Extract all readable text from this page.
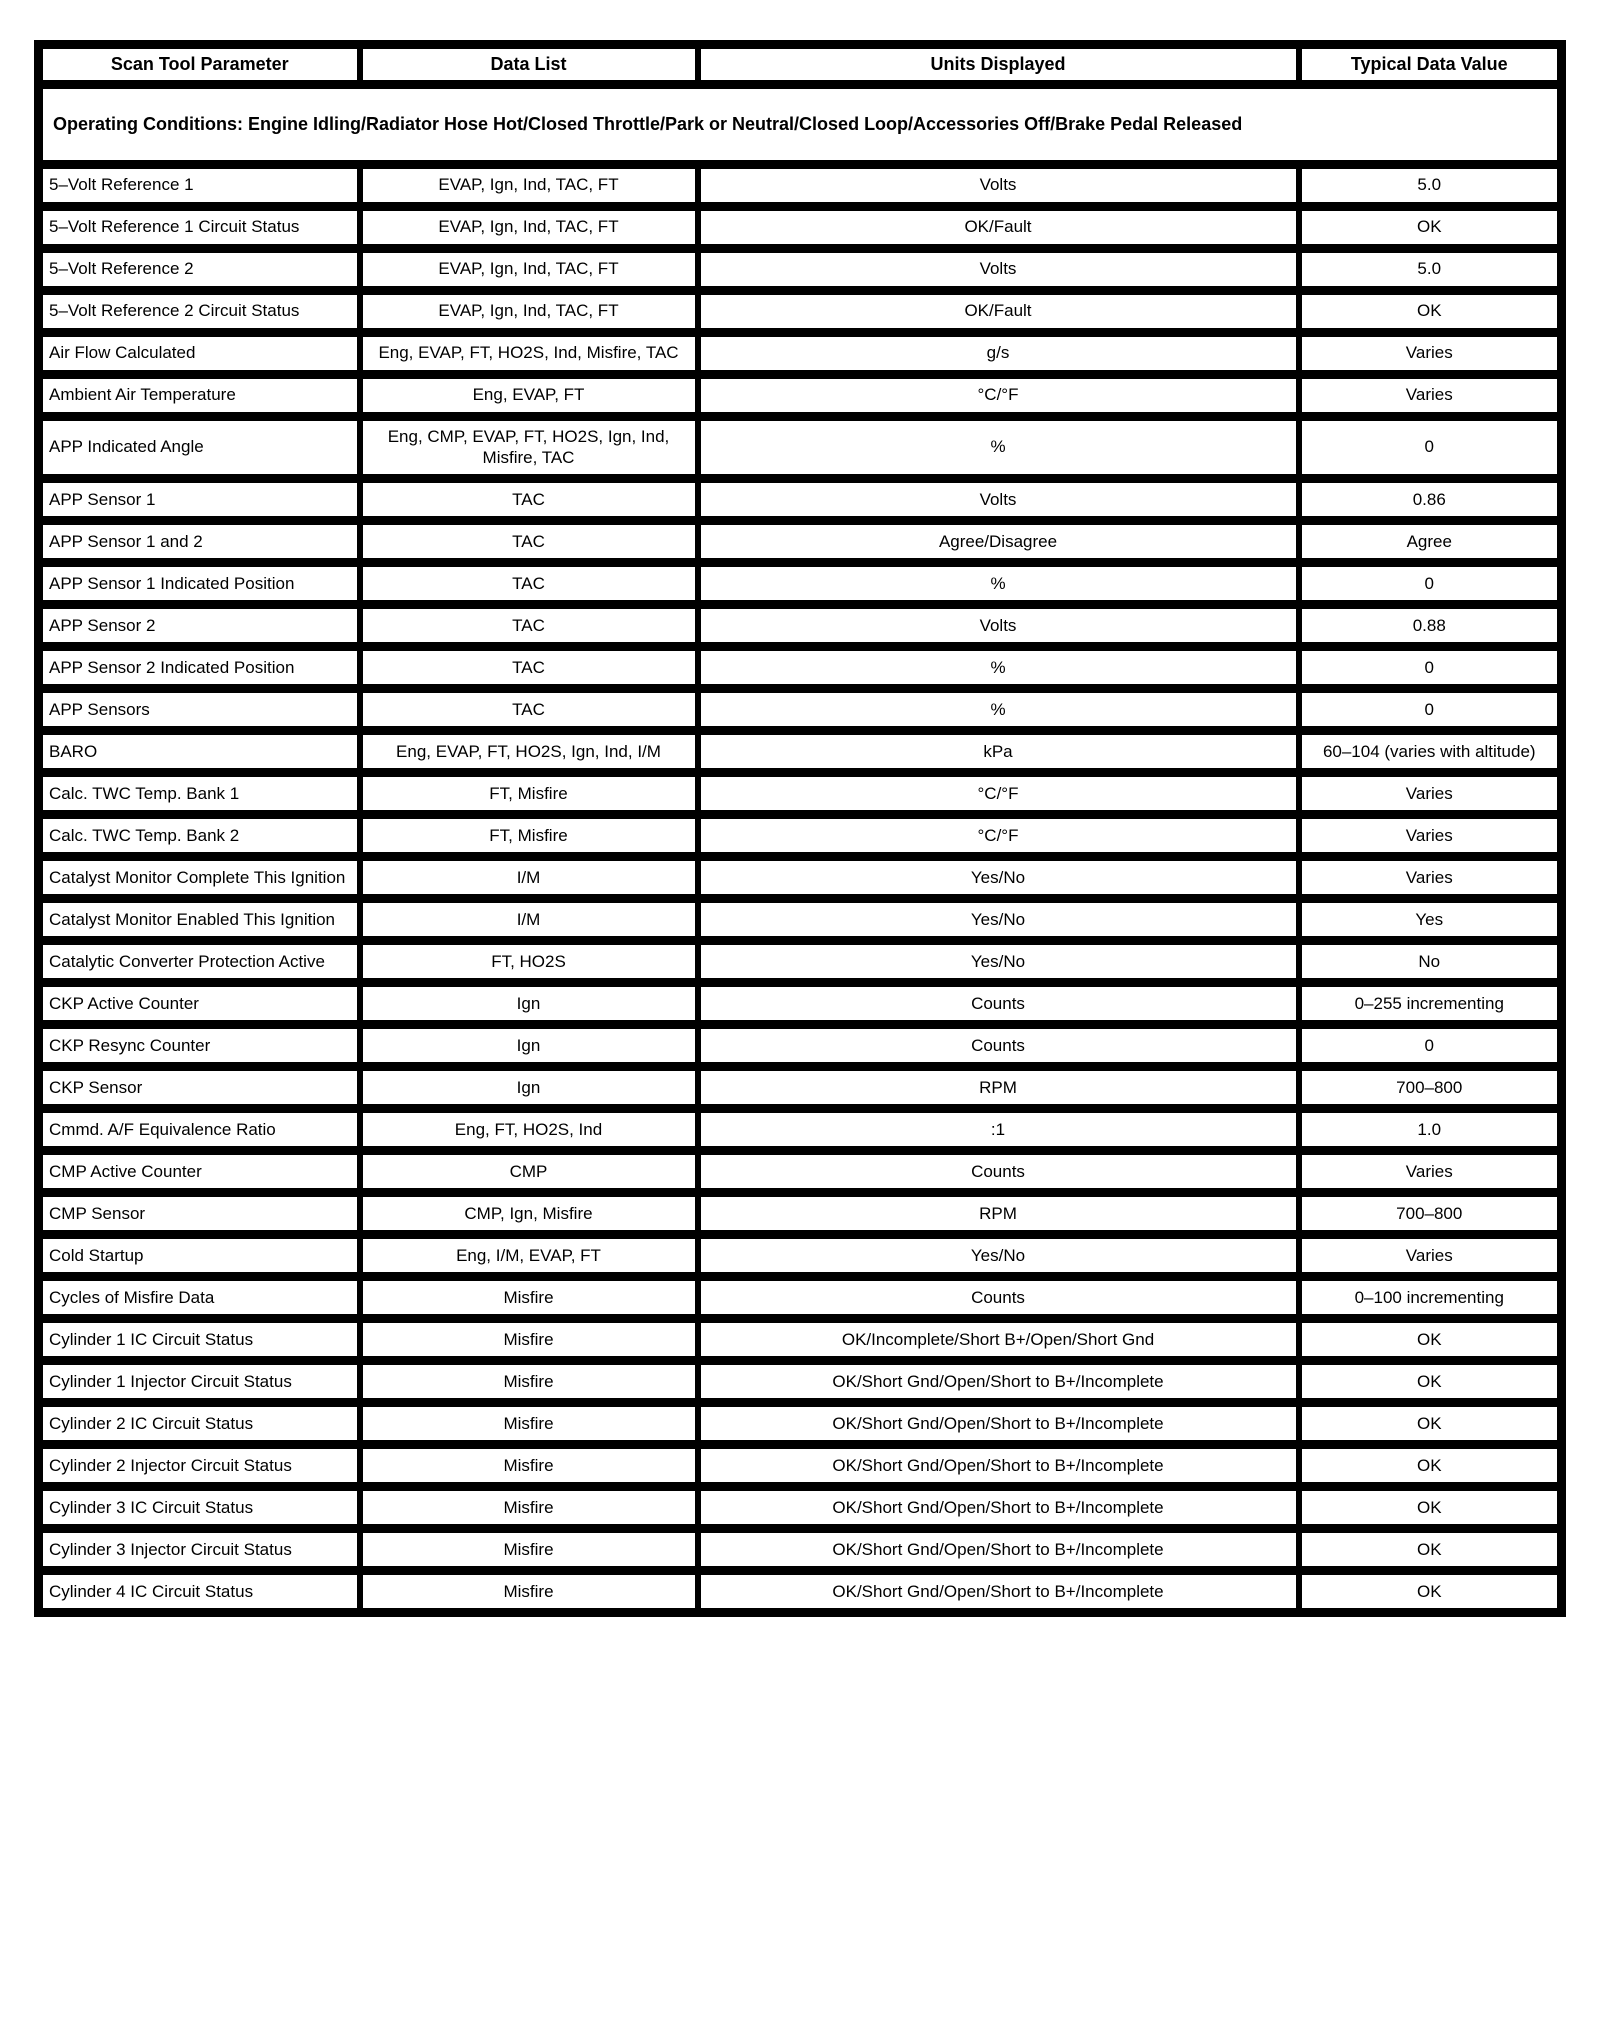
Scan Tool Parameter	Data List	Units Displayed	Typical Data Value
Operating Conditions: Engine Idling/Radiator Hose Hot/Closed Throttle/Park or Neutral/Closed Loop/Accessories Off/Brake Pedal Released			
5–Volt Reference 1	EVAP, Ign, Ind, TAC, FT	Volts	5.0
5–Volt Reference 1 Circuit Status	EVAP, Ign, Ind, TAC, FT	OK/Fault	OK
5–Volt Reference 2	EVAP, Ign, Ind, TAC, FT	Volts	5.0
5–Volt Reference 2 Circuit Status	EVAP, Ign, Ind, TAC, FT	OK/Fault	OK
Air Flow Calculated	Eng, EVAP, FT, HO2S, Ind, Misfire, TAC	g/s	Varies
Ambient Air Temperature	Eng, EVAP, FT	°C/°F	Varies
APP Indicated Angle	Eng, CMP, EVAP, FT, HO2S, Ign, Ind, Misfire, TAC	%	0
APP Sensor 1	TAC	Volts	0.86
APP Sensor 1 and 2	TAC	Agree/Disagree	Agree
APP Sensor 1 Indicated Position	TAC	%	0
APP Sensor 2	TAC	Volts	0.88
APP Sensor 2 Indicated Position	TAC	%	0
APP Sensors	TAC	%	0
BARO	Eng, EVAP, FT, HO2S, Ign, Ind, I/M	kPa	60–104 (varies with altitude)
Calc. TWC Temp. Bank 1	FT, Misfire	°C/°F	Varies
Calc. TWC Temp. Bank 2	FT, Misfire	°C/°F	Varies
Catalyst Monitor Complete This Ignition	I/M	Yes/No	Varies
Catalyst Monitor Enabled This Ignition	I/M	Yes/No	Yes
Catalytic Converter Protection Active	FT, HO2S	Yes/No	No
CKP Active Counter	Ign	Counts	0–255 incrementing
CKP Resync Counter	Ign	Counts	0
CKP Sensor	Ign	RPM	700–800
Cmmd. A/F Equivalence Ratio	Eng, FT, HO2S, Ind	:1	1.0
CMP Active Counter	CMP	Counts	Varies
CMP Sensor	CMP, Ign, Misfire	RPM	700–800
Cold Startup	Eng, I/M, EVAP, FT	Yes/No	Varies
Cycles of Misfire Data	Misfire	Counts	0–100 incrementing
Cylinder 1 IC Circuit Status	Misfire	OK/Incomplete/Short B+/Open/Short Gnd	OK
Cylinder 1 Injector Circuit Status	Misfire	OK/Short Gnd/Open/Short to B+/Incomplete	OK
Cylinder 2 IC Circuit Status	Misfire	OK/Short Gnd/Open/Short to B+/Incomplete	OK
Cylinder 2 Injector Circuit Status	Misfire	OK/Short Gnd/Open/Short to B+/Incomplete	OK
Cylinder 3 IC Circuit Status	Misfire	OK/Short Gnd/Open/Short to B+/Incomplete	OK
Cylinder 3 Injector Circuit Status	Misfire	OK/Short Gnd/Open/Short to B+/Incomplete	OK
Cylinder 4 IC Circuit Status	Misfire	OK/Short Gnd/Open/Short to B+/Incomplete	OK
